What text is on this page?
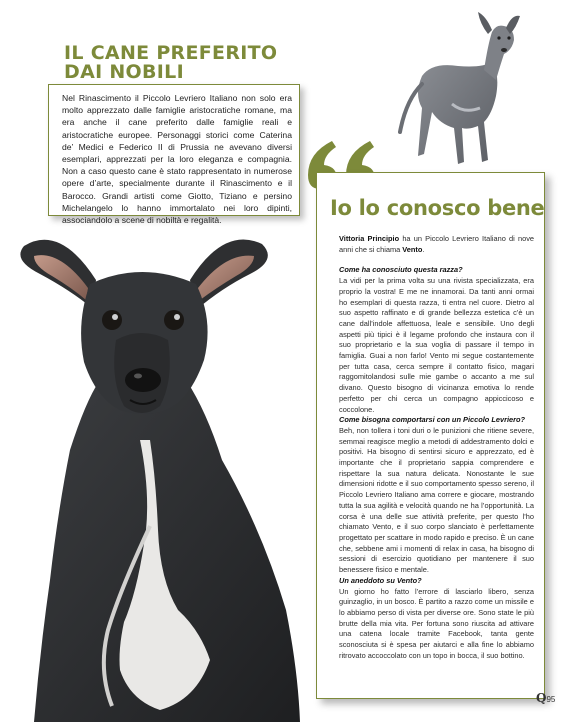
IL CANE PREFERITO
DAI NOBILI

Nel Rinascimento il Piccolo Levriero Italiano non solo era molto apprezzato dalle famiglie aristocratiche romane, ma era anche il cane preferito dalle famiglie reali e aristocratiche europee. Personaggi storici come Caterina de’ Medici e Federico II di Prussia ne avevano diversi esemplari, apprezzati per la loro eleganza e compagnia. Non a caso questo cane è stato rappresentato in numerose opere d’arte, specialmente durante il Rinascimento e il Barocco. Grandi artisti come Giotto, Tiziano e persino Michelangelo lo hanno immortalato nei loro dipinti, associandolo a scene di nobiltà e regalità.

Io lo conosco bene

Vittoria Principio ha un Piccolo Levriero Italiano di nove anni che si chiama Vento.

Come ha conosciuto questa razza?

La vidi per la prima volta su una rivista specializzata, era proprio la vostra! E me ne innamorai. Da tanti anni ormai ho esemplari di questa razza, ti entra nel cuore. Dietro al suo aspetto raffinato e di grande bellezza estetica c’è un cane dall’indole affettuosa, leale e sensibile. Uno degli aspetti più tipici è il legame profondo che instaura con il suo proprietario e la sua voglia di passare il tempo in famiglia. Guai a non farlo! Vento mi segue costantemente per tutta casa, cerca sempre il contatto fisico, magari raggomitolandosi sulle mie gambe o accanto a me sul divano. Questo bisogno di vicinanza emotiva lo rende perfetto per chi cerca un compagno appiccicoso e coccolone.

Come bisogna comportarsi con un Piccolo Levriero?

Beh, non tollera i toni duri o le punizioni che ritiene severe, semmai reagisce meglio a metodi di addestramento dolci e positivi. Ha bisogno di sentirsi sicuro e apprezzato, ed è importante che il proprietario sappia comprendere e rispettare la sua natura delicata. Nonostante le sue dimensioni ridotte e il suo comportamento spesso sereno, il Piccolo Levriero Italiano ama correre e giocare, mostrando tutta la sua agilità e velocità quando ne ha l’opportunità. La corsa è una delle sue attività preferite, per questo l’ho chiamato Vento, e il suo corpo slanciato è perfettamente progettato per scattare in modo rapido e preciso. È un cane che, sebbene ami i momenti di relax in casa, ha bisogno di sessioni di esercizio quotidiano per mantenere il suo benessere fisico e mentale.

Un aneddoto su Vento?

Un giorno ho fatto l’errore di lasciarlo libero, senza guinzaglio, in un bosco. È partito a razzo come un missile e lo abbiamo perso di vista per diverse ore. Sono state le più brutte della mia vita. Per fortuna sono riuscita ad attivare una catena locale tramite Facebook, tanta gente sconosciuta si è spesa per aiutarci e alla fine lo abbiamo ritrovato accoccolato con un topo in bocca, il suo bottino.

Q95
